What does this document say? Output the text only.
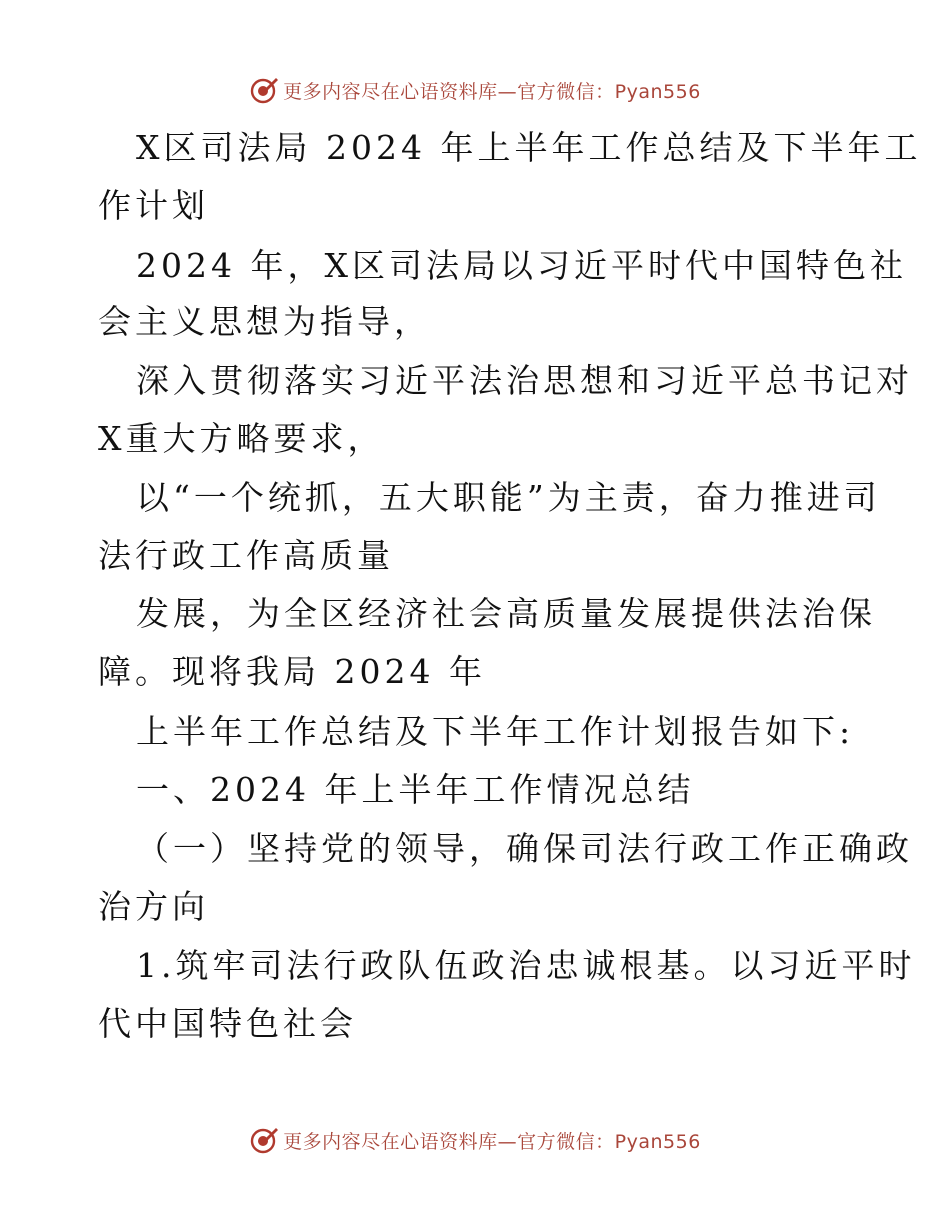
更多内容尽在心语资料库—官方微信：Pyan556
X区司法局 2024 年上半年工作总结及下半年工
作计划
2024 年，X区司法局以习近平时代中国特色社
会主义思想为指导，
深入贯彻落实习近平法治思想和习近平总书记对
X重大方略要求，
以“一个统抓，五大职能”为主责，奋力推进司
法行政工作高质量
发展，为全区经济社会高质量发展提供法治保
障。现将我局 2024 年
上半年工作总结及下半年工作计划报告如下:
一、2024 年上半年工作情况总结
（一）坚持党的领导，确保司法行政工作正确政
治方向
1.筑牢司法行政队伍政治忠诚根基。以习近平时
代中国特色社会
更多内容尽在心语资料库—官方微信：Pyan556
